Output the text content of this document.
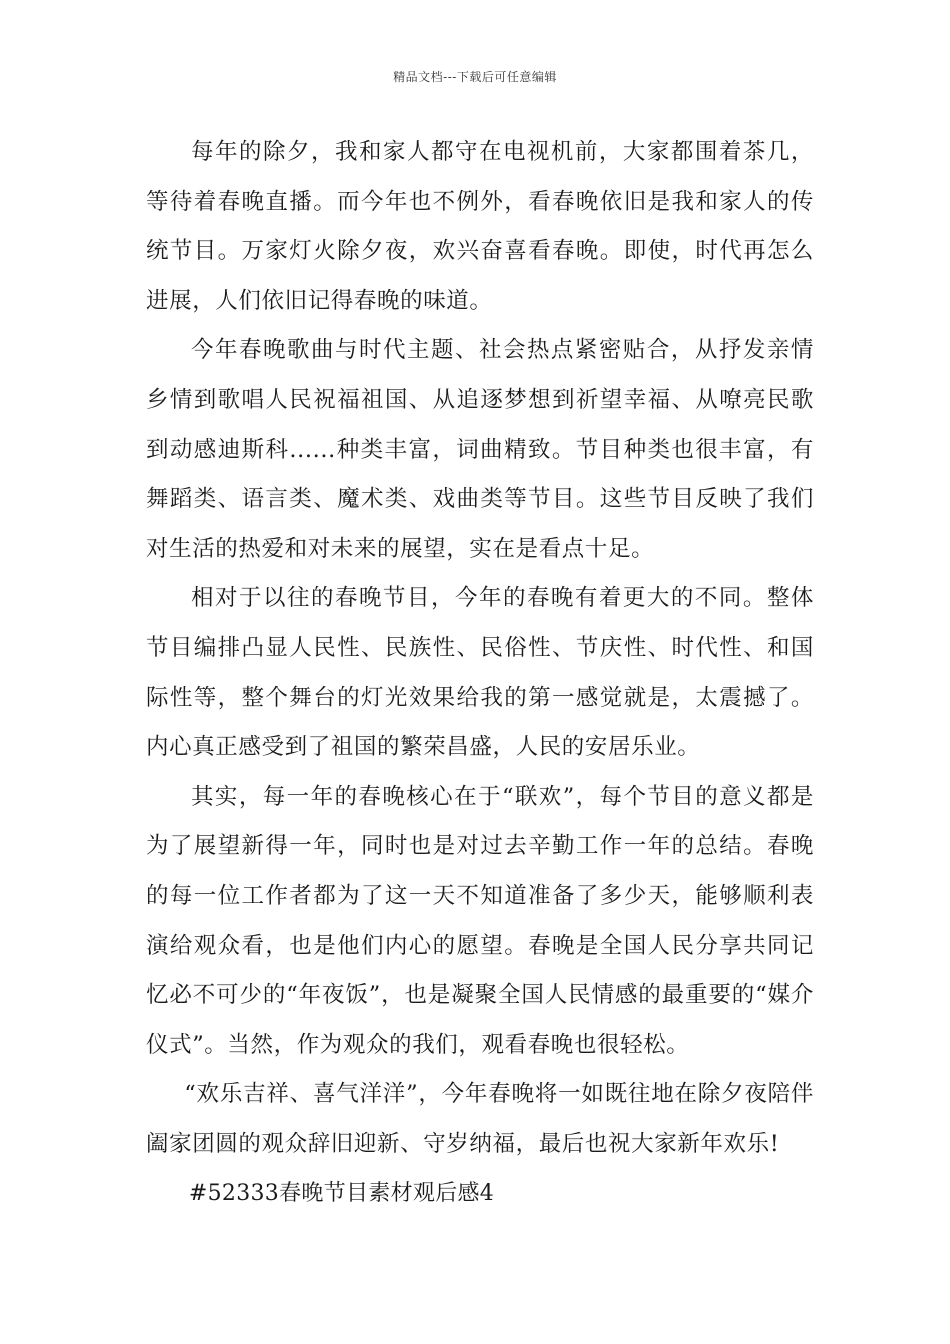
精品文档---下载后可任意编辑

每年的除夕，我和家人都守在电视机前，大家都围着茶几，等待着春晚直播。而今年也不例外，看春晚依旧是我和家人的传统节目。万家灯火除夕夜，欢兴奋喜看春晚。即使，时代再怎么进展，人们依旧记得春晚的味道。

今年春晚歌曲与时代主题、社会热点紧密贴合，从抒发亲情乡情到歌唱人民祝福祖国、从追逐梦想到祈望幸福、从嘹亮民歌到动感迪斯科......种类丰富，词曲精致。节目种类也很丰富，有舞蹈类、语言类、魔术类、戏曲类等节目。这些节目反映了我们对生活的热爱和对未来的展望，实在是看点十足。

相对于以往的春晚节目，今年的春晚有着更大的不同。整体节目编排凸显人民性、民族性、民俗性、节庆性、时代性、和国际性等，整个舞台的灯光效果给我的第一感觉就是，太震撼了。内心真正感受到了祖国的繁荣昌盛，人民的安居乐业。

其实，每一年的春晚核心在于“联欢”，每个节目的意义都是为了展望新得一年，同时也是对过去辛勤工作一年的总结。春晚的每一位工作者都为了这一天不知道准备了多少天，能够顺利表演给观众看，也是他们内心的愿望。春晚是全国人民分享共同记忆必不可少的“年夜饭”，也是凝聚全国人民情感的最重要的“媒介仪式”。当然，作为观众的我们，观看春晚也很轻松。

“欢乐吉祥、喜气洋洋”，今年春晚将一如既往地在除夕夜陪伴阖家团圆的观众辞旧迎新、守岁纳福，最后也祝大家新年欢乐!

#52333春晚节目素材观后感4
